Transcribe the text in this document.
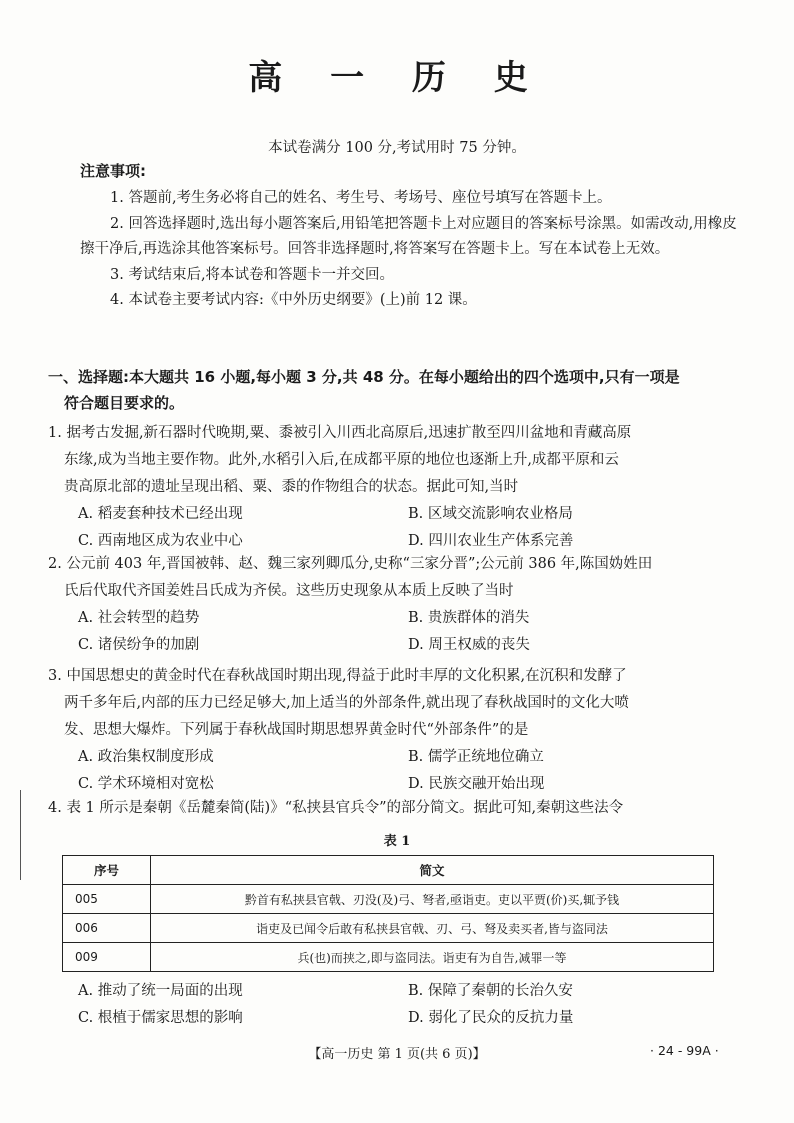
高 一 历 史
本试卷满分 100 分,考试用时 75 分钟。
注意事项:

1. 答题前,考生务必将自己的姓名、考生号、考场号、座位号填写在答题卡上。

2. 回答选择题时,选出每小题答案后,用铅笔把答题卡上对应题目的答案标号涂黑。如需改动,用橡皮擦干净后,再选涂其他答案标号。回答非选择题时,将答案写在答题卡上。写在本试卷上无效。

3. 考试结束后,将本试卷和答题卡一并交回。

4. 本试卷主要考试内容:《中外历史纲要》(上)前 12 课。

一、选择题:本大题共 16 小题,每小题 3 分,共 48 分。在每小题给出的四个选项中,只有一项是
符合题目要求的。
1. 据考古发掘,新石器时代晚期,粟、黍被引入川西北高原后,迅速扩散至四川盆地和青藏高原
东缘,成为当地主要作物。此外,水稻引入后,在成都平原的地位也逐渐上升,成都平原和云
贵高原北部的遗址呈现出稻、粟、黍的作物组合的状态。据此可知,当时
A. 稻麦套种技术已经出现	B. 区域交流影响农业格局
C. 西南地区成为农业中心	D. 四川农业生产体系完善
2. 公元前 403 年,晋国被韩、赵、魏三家列卿瓜分,史称“三家分晋”;公元前 386 年,陈国妫姓田
氏后代取代齐国姜姓吕氏成为齐侯。这些历史现象从本质上反映了当时
A. 社会转型的趋势	B. 贵族群体的消失
C. 诸侯纷争的加剧	D. 周王权威的丧失
3. 中国思想史的黄金时代在春秋战国时期出现,得益于此时丰厚的文化积累,在沉积和发酵了
两千多年后,内部的压力已经足够大,加上适当的外部条件,就出现了春秋战国时的文化大喷
发、思想大爆炸。下列属于春秋战国时期思想界黄金时代“外部条件”的是
A. 政治集权制度形成	B. 儒学正统地位确立
C. 学术环境相对宽松	D. 民族交融开始出现
4. 表 1 所示是秦朝《岳麓秦简(陆)》“私挟县官兵令”的部分简文。据此可知,秦朝这些法令
表 1
序号	简文
005	黔首有私挟县官戟、刃没(及)弓、弩者,亟诣吏。吏以平贾(价)买,辄予钱
006	诣吏及已闻令后敢有私挟县官戟、刃、弓、弩及卖买者,皆与盗同法
009	兵(也)而挟之,即与盗同法。诣吏有为自告,减罪一等
A. 推动了统一局面的出现	B. 保障了秦朝的长治久安
C. 根植于儒家思想的影响	D. 弱化了民众的反抗力量
【高一历史 第 1 页(共 6 页)】	· 24 - 99A ·
